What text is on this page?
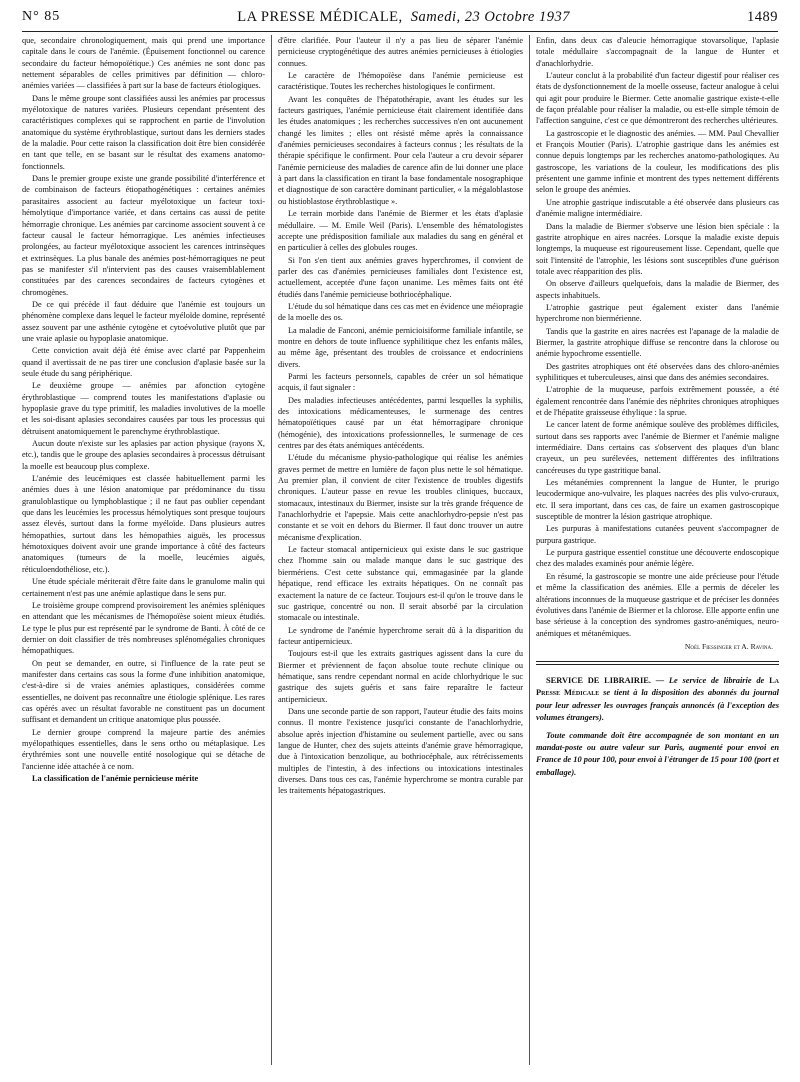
N° 85	LA PRESSE MÉDICALE, Samedi, 23 Octobre 1937	1489

que, secondaire chronologiquement, mais qui prend une importance capitale dans le cours de l'anémie. (Épuisement fonctionnel ou carence secondaire du facteur hémopoïétique.) Ces anémies ne sont donc pas nettement séparables de celles primitives par définition — chloro-anémies variées — classifiées à part sur la base de facteurs étiologiques.

Dans le même groupe sont classifiées aussi les anémies par processus myélotoxique de natures variées. Plusieurs cependant présentent des caractéristiques complexes qui se rapprochent en partie de l'involution anatomique du système érythroblastique, surtout dans les derniers stades de la maladie. Pour cette raison la classification doit être bien considérée en tant que telle, en se basant sur le résultat des examens anatomo-fonctionnels.

Dans le premier groupe existe une grande possibilité d'interférence et de combinaison de facteurs étiopathogénétiques : certaines anémies parasitaires associent au facteur myélotoxique un facteur toxi-hémolytique d'importance variée, et dans certains cas aussi de petite hémorragie chronique. Les anémies par carcinome associent souvent à ce facteur causal le facteur hémorragique. Les anémies infectieuses prolongées, au facteur myélotoxique associent les carences intrinsèques et extrinsèques. La plus banale des anémies post-hémorragiques ne peut pas se manifester s'il n'intervient pas des causes vraisemblablement constituées par des carences secondaires de facteurs cytogènes et chromogènes.

De ce qui précède il faut déduire que l'anémie est toujours un phénomène complexe dans lequel le facteur myéloïde domine, représenté assez souvent par une asthénie cytogène et cytoévolutive plutôt que par une vraie aplasie ou hypoplasie anatomique.

Cette conviction avait déjà été émise avec clarté par Pappenheim quand il avertissait de ne pas tirer une conclusion d'aplasie basée sur la seule étude du sang périphérique.

Le deuxième groupe — anémies par afonction cytogène érythroblastique — comprend toutes les manifestations d'aplasie ou hypoplasie grave du type primitif, les maladies involutives de la moelle et les soi-disant aplasies secondaires causées par tous les processus qui détruisent anatomiquement le parenchyme érythroblastique.

Aucun doute n'existe sur les aplasies par action physique (rayons X, etc.), tandis que le groupe des aplasies secondaires à processus détruisant la moelle est beaucoup plus complexe.

L'anémie des leucémiques est classée habituellement parmi les anémies dues à une lésion anatomique par prédominance du tissu granuloblastique ou lymphoblastique ; il ne faut pas oublier cependant que dans les leucémies les processus hémolytiques sont presque toujours assez élevés, surtout dans la forme myéloïde. Dans plusieurs autres hémopathies, surtout dans les hémopathies aiguës, les processus hémotoxiques doivent avoir une grande importance à côté des facteurs anatomiques (tumeurs de la moelle, leucémies aiguës, réticuloendothéliose, etc.).

Une étude spéciale mériterait d'être faite dans le granulome malin qui certainement n'est pas une anémie aplastique dans le sens pur.

Le troisième groupe comprend provisoirement les anémies spléniques en attendant que les mécanismes de l'hémopoïèse soient mieux étudiés. Le type le plus pur est représenté par le syndrome de Banti. À côté de ce dernier on doit classifier de très nombreuses splénomégalies chroniques hémopathiques.

On peut se demander, en outre, si l'influence de la rate peut se manifester dans certains cas sous la forme d'une inhibition anatomique, c'est-à-dire si de vraies anémies aplastiques, considérées comme essentielles, ne doivent pas reconnaître une étiologie splénique. Les rares cas opérés avec un résultat favorable ne constituent pas un document suffisant et demandent un critique anatomique plus poussée.

Le dernier groupe comprend la majeure partie des anémies myélopathiques essentielles, dans le sens ortho ou métaplasique. Les érythrémies sont une nouvelle entité nosologique qui se détache de l'ancienne idée attachée à ce nom.

La classification de l'anémie pernicieuse mérite

d'être clarifiée. Pour l'auteur il n'y a pas lieu de séparer l'anémie pernicieuse cryptogénétique des autres anémies pernicieuses à étiologies connues.

Le caractère de l'hémopoïèse dans l'anémie pernicieuse est caractéristique. Toutes les recherches histologiques le confirment.

Avant les conquêtes de l'hépatothérapie, avant les études sur les facteurs gastriques, l'anémie pernicieuse était clairement identifiée dans les études anatomiques ; les recherches successives n'en ont aucunement changé les limites ; elles ont résisté même après la connaissance d'anémies pernicieuses secondaires à facteurs connus ; les résultats de la thérapie spécifique le confirment. Pour cela l'auteur a cru devoir séparer l'anémie pernicieuse des maladies de carence afin de lui donner une place à part dans la classification en tirant la base fondamentale nosographique et diagnostique de son caractère dominant particulier, « la mégaloblastose ou histioblastose érythroblastique ».

Le terrain morbide dans l'anémie de Biermer et les états d'aplasie médullaire. — M. Emile Weil (Paris). L'ensemble des hématologistes accepte une prédisposition familiale aux maladies du sang en général et en particulier à celles des globules rouges.

Si l'on s'en tient aux anémies graves hyperchromes, il convient de parler des cas d'anémies pernicieuses familiales dont l'existence est, actuellement, acceptée d'une façon unanime. Les mêmes faits ont été étudiés dans l'anémie pernicieuse bothriocéphalique.

L'étude du sol hématique dans ces cas met en évidence une méiopragie de la moelle des os.

La maladie de Fanconi, anémie pernicioisiforme familiale infantile, se montre en dehors de toute influence syphilitique chez les enfants mâles, au même âge, présentant des troubles de croissance et endocriniens divers.

Parmi les facteurs personnels, capables de créer un sol hématique acquis, il faut signaler :

Des maladies infectieuses antécédentes, parmi lesquelles la syphilis, des intoxications médicamenteuses, le surmenage des centres hématopoïétiques causé par un état hémorragipare chronique (hémogénie), des intoxications professionnelles, le surmenage de ces centres par des états anémiques antécédents.

L'étude du mécanisme physio-pathologique qui réalise les anémies graves permet de mettre en lumière de façon plus nette le sol hématique. Au premier plan, il convient de citer l'existence de troubles digestifs chroniques. L'auteur passe en revue les troubles cliniques, buccaux, stomacaux, intestinaux du Biermer, insiste sur la très grande fréquence de l'anachlorhydrie et l'apepsie. Mais cette anachlorhydro-pepsie n'est pas constante et se voit en dehors du Biermer. Il faut donc trouver un autre mécanisme d'explication.

Le facteur stomacal antipernicieux qui existe dans le suc gastrique chez l'homme sain ou malade manque dans le suc gastrique des biermériens. C'est cette substance qui, emmagasinée par la glande hépatique, rend efficace les extraits hépatiques. On ne connaît pas exactement la nature de ce facteur. Toujours est-il qu'on le trouve dans le suc gastrique, concentré ou non. Il serait absorbé par la circulation stomacale ou intestinale.

Le syndrome de l'anémie hyperchrome serait dû à la disparition du facteur antipernicieux.

Toujours est-il que les extraits gastriques agissent dans la cure du Biermer et préviennent de façon absolue toute rechute clinique ou hématique, sans rendre cependant normal en acide chlorhydrique le suc gastrique des sujets guéris et sans faire reparaître le facteur antipernicieux.

Dans une seconde partie de son rapport, l'auteur étudie des faits moins connus. Il montre l'existence jusqu'ici constante de l'anachlorhydrie, absolue après injection d'histamine ou seulement partielle, avec ou sans langue de Hunter, chez des sujets atteints d'anémie grave hémorragique, due à l'intoxication benzolique, au bothriocéphale, aux rétrécissements multiples de l'intestin, à des infections ou intoxications intestinales diverses. Dans tous ces cas, l'anémie hyperchrome se montra curable par les traitements hépatogastriques.

Enfin, dans deux cas d'aleucie hémorragique stovarsolique, l'aplasie totale médullaire s'accompagnait de la langue de Hunter et d'anachlorhydrie.

L'auteur conclut à la probabilité d'un facteur digestif pour réaliser ces états de dysfonctionnement de la moelle osseuse, facteur analogue à celui qui agit pour produire le Biermer. Cette anomalie gastrique existe-t-elle de façon préalable pour réaliser la maladie, ou est-elle simple témoin de l'affection sanguine, c'est ce que démontreront des recherches ultérieures.

La gastroscopie et le diagnostic des anémies. — MM. Paul Chevallier et François Moutier (Paris). L'atrophie gastrique dans les anémies est connue depuis longtemps par les recherches anatomo-pathologiques. Au gastroscope, les variations de la couleur, les modifications des plis présentent une gamme infinie et montrent des types nettement différents selon le groupe des anémies.

Une atrophie gastrique indiscutable a été observée dans plusieurs cas d'anémie maligne intermédiaire.

Dans la maladie de Biermer s'observe une lésion bien spéciale : la gastrite atrophique en aires nacrées. Lorsque la maladie existe depuis longtemps, la muqueuse est rigoureusement lisse. Cependant, quelle que soit l'intensité de l'atrophie, les lésions sont susceptibles d'une guérison totale avec réapparition des plis.

On observe d'ailleurs quelquefois, dans la maladie de Biermer, des aspects inhabituels.

L'atrophie gastrique peut également exister dans l'anémie hyperchrome non biermérienne.

Tandis que la gastrite en aires nacrées est l'apanage de la maladie de Biermer, la gastrite atrophique diffuse se rencontre dans la chlorose ou anémie hypochrome essentielle.

Des gastrites atrophiques ont été observées dans des chloro-anémies syphilitiques et tuberculeuses, ainsi que dans des anémies secondaires.

L'atrophie de la muqueuse, parfois extrêmement poussée, a été également rencontrée dans l'anémie des néphrites chroniques atrophiques et de l'hépatite graisseuse éthylique : la sprue.

Le cancer latent de forme anémique soulève des problèmes difficiles, surtout dans ses rapports avec l'anémie de Biermer et l'anémie maligne intermédiaire. Dans certains cas s'observent des plaques d'un blanc crayeux, un peu surélevées, nettement différentes des infiltrations cancéreuses du type gastritique banal.

Les métanémies comprennent la langue de Hunter, le prurigo leucodermique ano-vulvaire, les plaques nacrées des plis vulvo-cruraux, etc. Il sera important, dans ces cas, de faire un examen gastroscopique susceptible de montrer la lésion gastrique atrophique.

Les purpuras à manifestations cutanées peuvent s'accompagner de purpura gastrique.

Le purpura gastrique essentiel constitue une découverte endoscopique chez des malades examinés pour anémie légère.

En résumé, la gastroscopie se montre une aide précieuse pour l'étude et même la classification des anémies. Elle a permis de déceler les altérations inconnues de la muqueuse gastrique et de préciser les données évolutives dans l'anémie de Biermer et la chlorose. Elle apporte enfin une base sérieuse à la conception des syndromes gastro-anémiques, neuro-anémiques et métanémiques.

Noël Fiessinger et A. Ravina.

SERVICE DE LIBRAIRIE. — Le service de librairie de La Presse Médicale se tient à la disposition des abonnés du journal pour leur adresser les ouvrages français annoncés (à l'exception des volumes étrangers).

Toute commande doit être accompagnée de son montant en un mandat-poste ou autre valeur sur Paris, augmenté pour envoi en France de 10 pour 100, pour envoi à l'étranger de 15 pour 100 (port et emballage).
